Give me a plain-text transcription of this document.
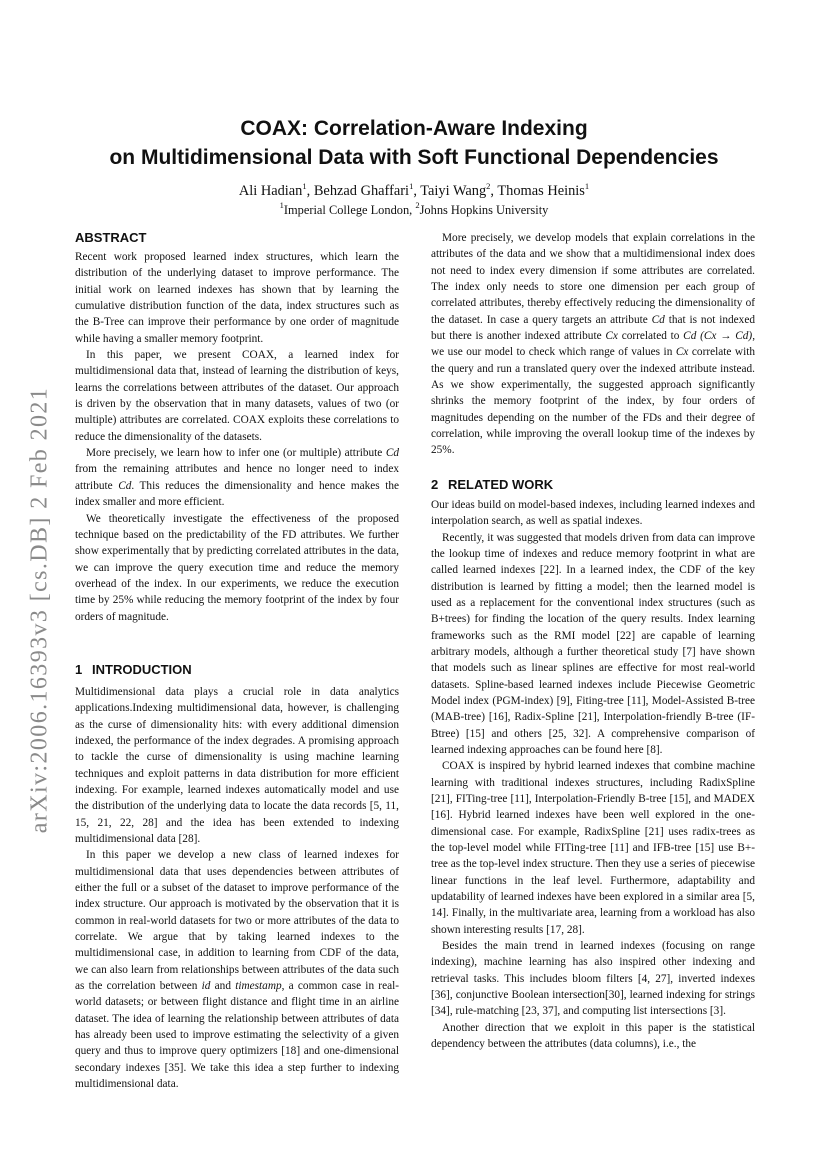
arXiv:2006.16393v3 [cs.DB] 2 Feb 2021
COAX: Correlation-Aware Indexing
on Multidimensional Data with Soft Functional Dependencies
Ali Hadian$^1$, Behzad Ghaffari$^1$, Taiyi Wang$^2$, Thomas Heinis$^1$
$^1$Imperial College London, $^2$Johns Hopkins University
ABSTRACT

Recent work proposed learned index structures, which learn the distribution of the underlying dataset to improve performance. The initial work on learned indexes has shown that by learning the cumulative distribution function of the data, index structures such as the B-Tree can improve their performance by one order of magnitude while having a smaller memory footprint.

In this paper, we present COAX, a learned index for multidimensional data that, instead of learning the distribution of keys, learns the correlations between attributes of the dataset. Our approach is driven by the observation that in many datasets, values of two (or multiple) attributes are correlated. COAX exploits these correlations to reduce the dimensionality of the datasets.

More precisely, we learn how to infer one (or multiple) attribute Cd from the remaining attributes and hence no longer need to index attribute Cd. This reduces the dimensionality and hence makes the index smaller and more efficient.

We theoretically investigate the effectiveness of the proposed technique based on the predictability of the FD attributes. We further show experimentally that by predicting correlated attributes in the data, we can improve the query execution time and reduce the memory overhead of the index. In our experiments, we reduce the execution time by 25% while reducing the memory footprint of the index by four orders of magnitude.

1 INTRODUCTION

Multidimensional data plays a crucial role in data analytics applications.Indexing multidimensional data, however, is challenging as the curse of dimensionality hits: with every additional dimension indexed, the performance of the index degrades. A promising approach to tackle the curse of dimensionality is using machine learning techniques and exploit patterns in data distribution for more efficient indexing. For example, learned indexes automatically model and use the distribution of the underlying data to locate the data records [5, 11, 15, 21, 22, 28] and the idea has been extended to indexing multidimensional data [28].

In this paper we develop a new class of learned indexes for multidimensional data that uses dependencies between attributes of either the full or a subset of the dataset to improve performance of the index structure. Our approach is motivated by the observation that it is common in real-world datasets for two or more attributes of the data to correlate. We argue that by taking learned indexes to the multidimensional case, in addition to learning from CDF of the data, we can also learn from relationships between attributes of the data such as the correlation between id and timestamp, a common case in real-world datasets; or between flight distance and flight time in an airline dataset. The idea of learning the relationship between attributes of data has already been used to improve estimating the selectivity of a given query and thus to improve query optimizers [18] and one-dimensional secondary indexes [35]. We take this idea a step further to indexing multidimensional data.

More precisely, we develop models that explain correlations in the attributes of the data and we show that a multidimensional index does not need to index every dimension if some attributes are correlated. The index only needs to store one dimension per each group of correlated attributes, thereby effectively reducing the dimensionality of the dataset. In case a query targets an attribute Cd that is not indexed but there is another indexed attribute Cx correlated to Cd (Cx → Cd), we use our model to check which range of values in Cx correlate with the query and run a translated query over the indexed attribute instead. As we show experimentally, the suggested approach significantly shrinks the memory footprint of the index, by four orders of magnitudes depending on the number of the FDs and their degree of correlation, while improving the overall lookup time of the indexes by 25%.

2 RELATED WORK

Our ideas build on model-based indexes, including learned indexes and interpolation search, as well as spatial indexes.

Recently, it was suggested that models driven from data can improve the lookup time of indexes and reduce memory footprint in what are called learned indexes [22]. In a learned index, the CDF of the key distribution is learned by fitting a model; then the learned model is used as a replacement for the conventional index structures (such as B+trees) for finding the location of the query results. Index learning frameworks such as the RMI model [22] are capable of learning arbitrary models, although a further theoretical study [7] have shown that models such as linear splines are effective for most real-world datasets. Spline-based learned indexes include Piecewise Geometric Model index (PGM-index) [9], Fiting-tree [11], Model-Assisted B-tree (MAB-tree) [16], Radix-Spline [21], Interpolation-friendly B-tree (IF-Btree) [15] and others [25, 32]. A comprehensive comparison of learned indexing approaches can be found here [8].

COAX is inspired by hybrid learned indexes that combine machine learning with traditional indexes structures, including RadixSpline [21], FITing-tree [11], Interpolation-Friendly B-tree [15], and MADEX [16]. Hybrid learned indexes have been well explored in the one-dimensional case. For example, RadixSpline [21] uses radix-trees as the top-level model while FITing-tree [11] and IFB-tree [15] use B+-tree as the top-level index structure. Then they use a series of piecewise linear functions in the leaf level. Furthermore, adaptability and updatability of learned indexes have been explored in a similar area [5, 14]. Finally, in the multivariate area, learning from a workload has also shown interesting results [17, 28].

Besides the main trend in learned indexes (focusing on range indexing), machine learning has also inspired other indexing and retrieval tasks. This includes bloom filters [4, 27], inverted indexes [36], conjunctive Boolean intersection[30], learned indexing for strings [34], rule-matching [23, 37], and computing list intersections [3].

Another direction that we exploit in this paper is the statistical dependency between the attributes (data columns), i.e., the
